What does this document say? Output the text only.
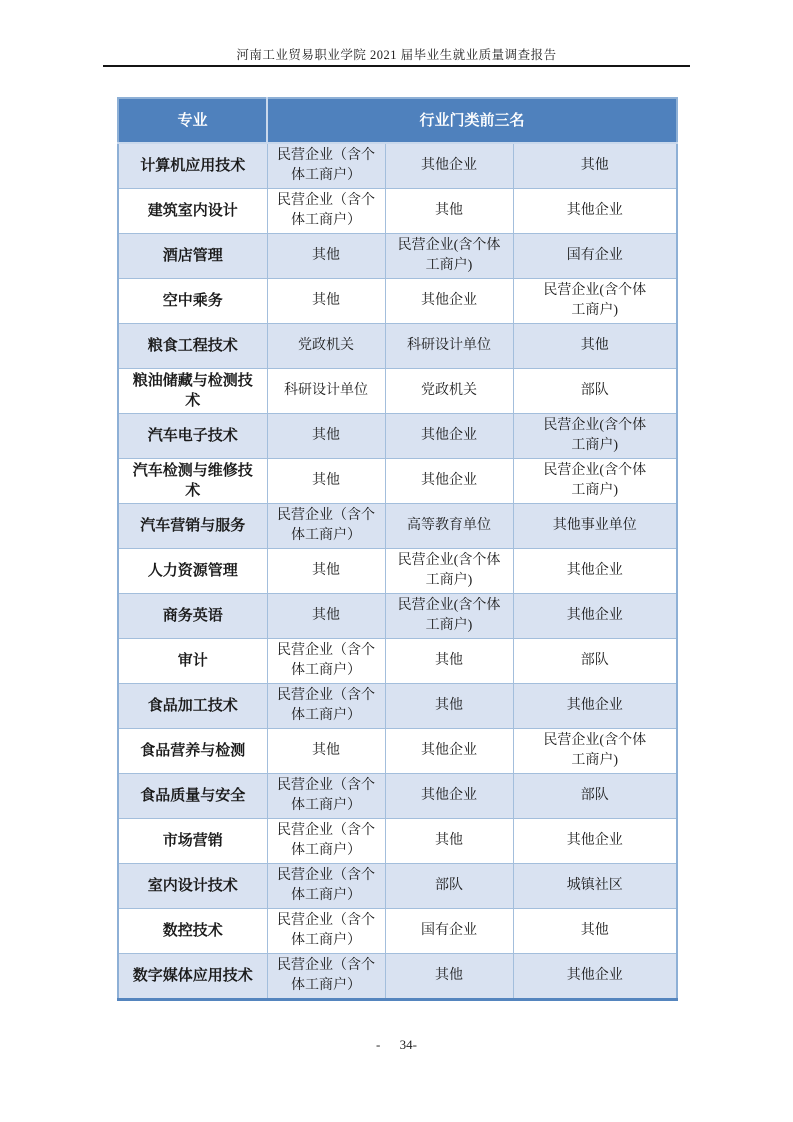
河南工业贸易职业学院 2021 届毕业生就业质量调查报告
专业	行业门类前三名		
计算机应用技术	民营企业（含个体工商户）	其他企业	其他
建筑室内设计	民营企业（含个体工商户）	其他	其他企业
酒店管理	其他	民营企业(含个体工商户)	国有企业
空中乘务	其他	其他企业	民营企业(含个体工商户)
粮食工程技术	党政机关	科研设计单位	其他
粮油储藏与检测技术	科研设计单位	党政机关	部队
汽车电子技术	其他	其他企业	民营企业(含个体工商户)
汽车检测与维修技术	其他	其他企业	民营企业(含个体工商户)
汽车营销与服务	民营企业（含个体工商户）	高等教育单位	其他事业单位
人力资源管理	其他	民营企业(含个体工商户)	其他企业
商务英语	其他	民营企业(含个体工商户)	其他企业
审计	民营企业（含个体工商户）	其他	部队
食品加工技术	民营企业（含个体工商户）	其他	其他企业
食品营养与检测	其他	其他企业	民营企业(含个体工商户)
食品质量与安全	民营企业（含个体工商户）	其他企业	部队
市场营销	民营企业（含个体工商户）	其他	其他企业
室内设计技术	民营企业（含个体工商户）	部队	城镇社区
数控技术	民营企业（含个体工商户）	国有企业	其他
数字媒体应用技术	民营企业（含个体工商户）	其他	其他企业
- 34-
